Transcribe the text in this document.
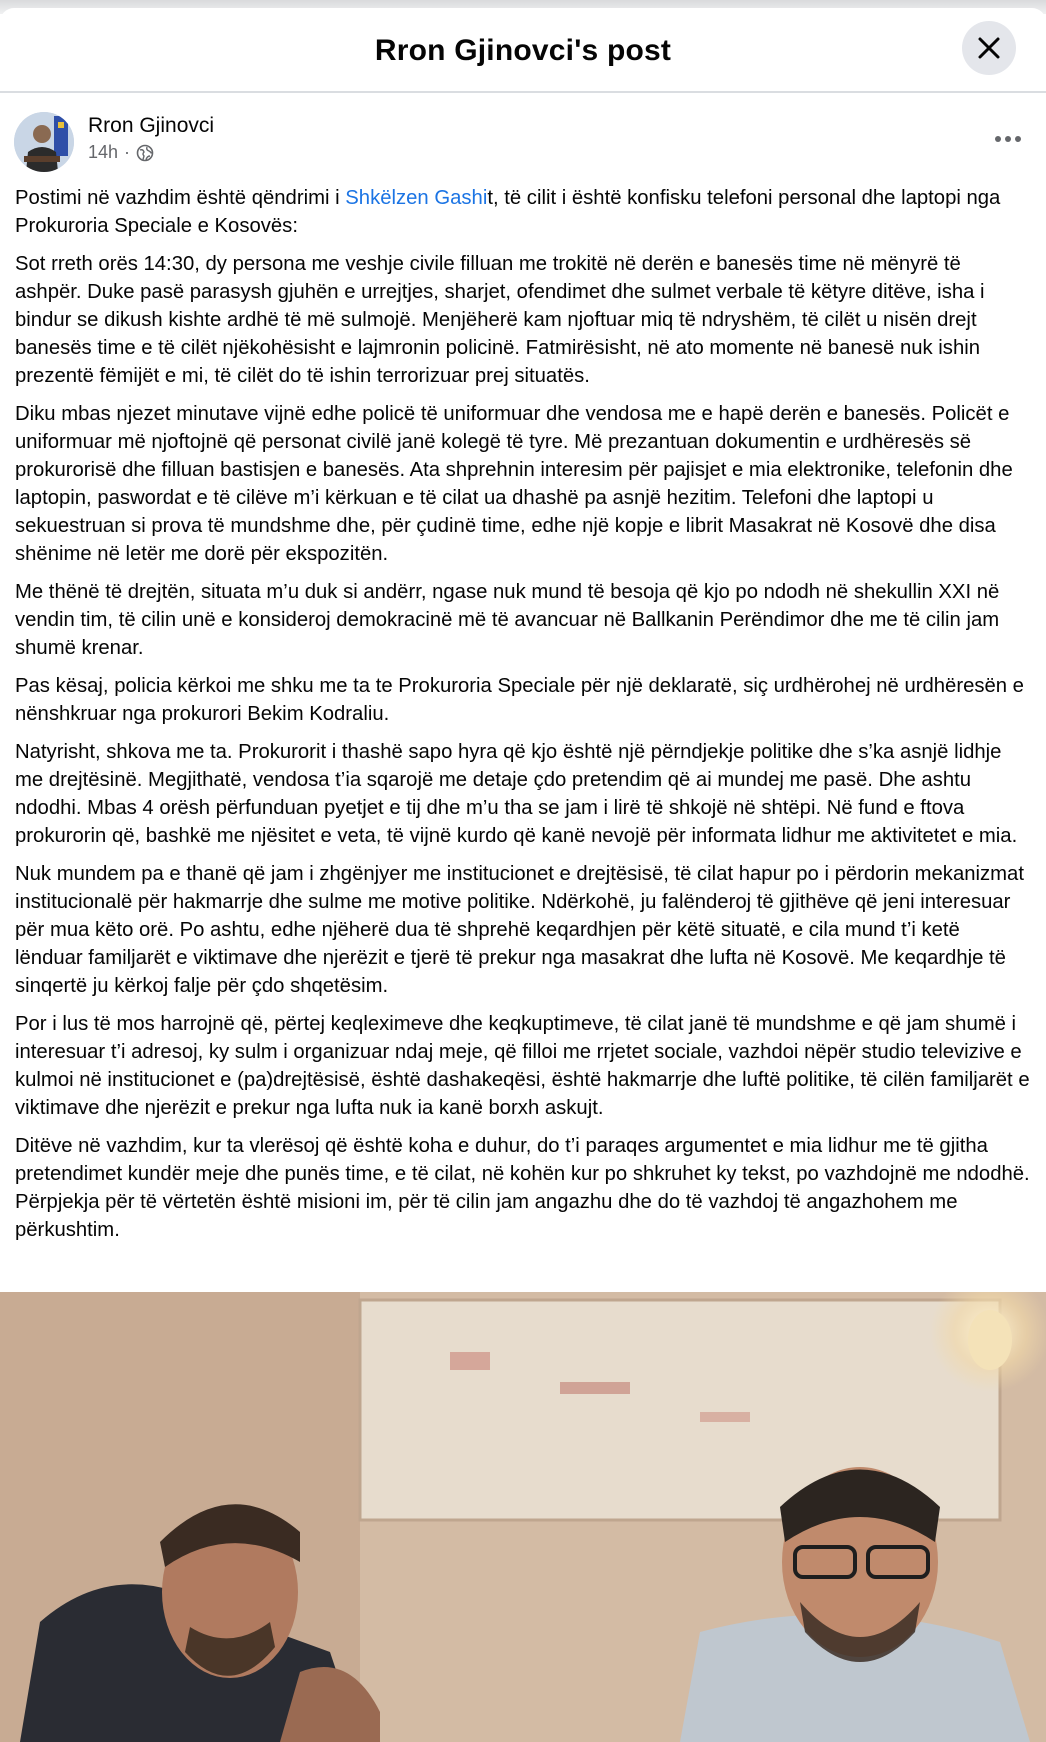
Rron Gjinovci's post
Rron Gjinovci
14h ·

Postimi në vazhdim është qëndrimi i Shkëlzen Gashit, të cilit i është konfisku telefoni personal dhe laptopi nga Prokuroria Speciale e Kosovës:

Sot rreth orës 14:30, dy persona me veshje civile filluan me trokitë në derën e banesës time në mënyrë të ashpër. Duke pasë parasysh gjuhën e urrejtjes, sharjet, ofendimet dhe sulmet verbale të këtyre ditëve, isha i bindur se dikush kishte ardhë të më sulmojë. Menjëherë kam njoftuar miq të ndryshëm, të cilët u nisën drejt banesës time e të cilët njëkohësisht e lajmronin policinë. Fatmirësisht, në ato momente në banesë nuk ishin prezentë fëmijët e mi, të cilët do të ishin terrorizuar prej situatës.

Diku mbas njezet minutave vijnë edhe policë të uniformuar dhe vendosa me e hapë derën e banesës. Policët e uniformuar më njoftojnë që personat civilë janë kolegë të tyre. Më prezantuan dokumentin e urdhëresës së prokurorisë dhe filluan bastisjen e banesës. Ata shprehnin interesim për pajisjet e mia elektronike, telefonin dhe laptopin, paswordat e të cilëve m’i kërkuan e të cilat ua dhashë pa asnjë hezitim. Telefoni dhe laptopi u sekuestruan si prova të mundshme dhe, për çudinë time, edhe një kopje e librit Masakrat në Kosovë dhe disa shënime në letër me dorë për ekspozitën.

Me thënë të drejtën, situata m’u duk si andërr, ngase nuk mund të besoja që kjo po ndodh në shekullin XXI në vendin tim, të cilin unë e konsideroj demokracinë më të avancuar në Ballkanin Perëndimor dhe me të cilin jam shumë krenar.

Pas kësaj, policia kërkoi me shku me ta te Prokuroria Speciale për një deklaratë, siç urdhërohej në urdhëresën e nënshkruar nga prokurori Bekim Kodraliu.

Natyrisht, shkova me ta. Prokurorit i thashë sapo hyra që kjo është një përndjekje politike dhe s’ka asnjë lidhje me drejtësinë. Megjithatë, vendosa t’ia sqarojë me detaje çdo pretendim që ai mundej me pasë. Dhe ashtu ndodhi. Mbas 4 orësh përfunduan pyetjet e tij dhe m’u tha se jam i lirë të shkojë në shtëpi. Në fund e ftova prokurorin që, bashkë me njësitet e veta, të vijnë kurdo që kanë nevojë për informata lidhur me aktivitetet e mia.

Nuk mundem pa e thanë që jam i zhgënjyer me institucionet e drejtësisë, të cilat hapur po i përdorin mekanizmat institucionalë për hakmarrje dhe sulme me motive politike. Ndërkohë, ju falënderoj të gjithëve që jeni interesuar për mua këto orë. Po ashtu, edhe njëherë dua të shprehë keqardhjen për këtë situatë, e cila mund t’i ketë lënduar familjarët e viktimave dhe njerëzit e tjerë të prekur nga masakrat dhe lufta në Kosovë. Me keqardhje të sinqertë ju kërkoj falje për çdo shqetësim.

Por i lus të mos harrojnë që, përtej keqleximeve dhe keqkuptimeve, të cilat janë të mundshme e që jam shumë i interesuar t’i adresoj, ky sulm i organizuar ndaj meje, që filloi me rrjetet sociale, vazhdoi nëpër studio televizive e kulmoi në institucionet e (pa)drejtësisë, është dashakeqësi, është hakmarrje dhe luftë politike, të cilën familjarët e viktimave dhe njerëzit e prekur nga lufta nuk ia kanë borxh askujt.

Ditëve në vazhdim, kur ta vlerësoj që është koha e duhur, do t’i paraqes argumentet e mia lidhur me të gjitha pretendimet kundër meje dhe punës time, e të cilat, në kohën kur po shkruhet ky tekst, po vazhdojnë me ndodhë. Përpjekja për të vërtetën është misioni im, për të cilin jam angazhu dhe do të vazhdoj të angazhohem me përkushtim.
